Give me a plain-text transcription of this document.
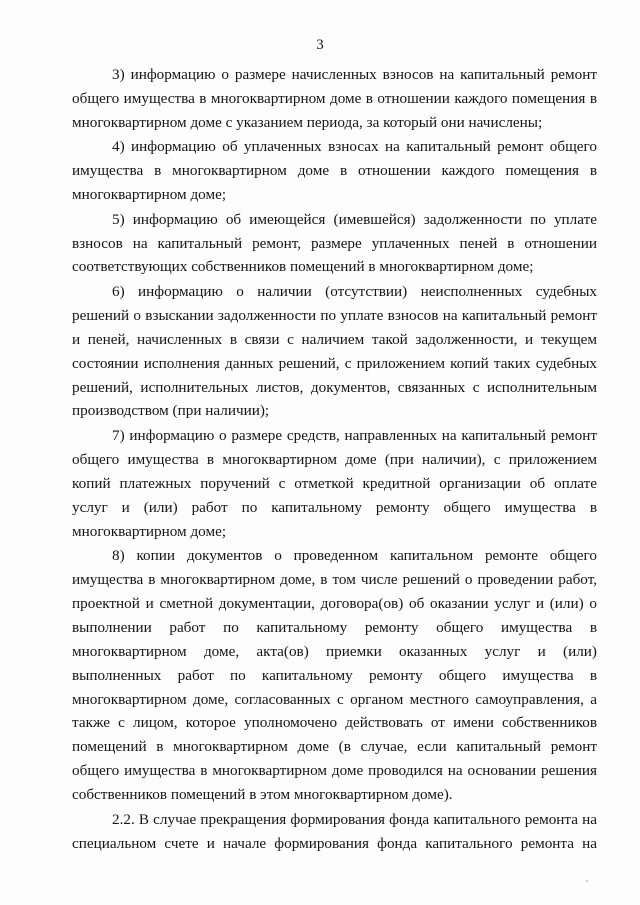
3
3) информацию о размере начисленных взносов на капитальный ремонт
общего имущества в многоквартирном доме в отношении каждого помещения в
многоквартирном доме с указанием периода, за который они начислены;
4) информацию об уплаченных взносах на капитальный ремонт общего
имущества в многоквартирном доме в отношении каждого помещения в
многоквартирном доме;
5) информацию об имеющейся (имевшейся) задолженности по уплате
взносов на капитальный ремонт, размере уплаченных пеней в отношении
соответствующих собственников помещений в многоквартирном доме;
6) информацию о наличии (отсутствии) неисполненных судебных
решений о взыскании задолженности по уплате взносов на капитальный ремонт
и пеней, начисленных в связи с наличием такой задолженности, и текущем
состоянии исполнения данных решений, с приложением копий таких судебных
решений, исполнительных листов, документов, связанных с исполнительным
производством (при наличии);
7) информацию о размере средств, направленных на капитальный ремонт
общего имущества в многоквартирном доме (при наличии), с приложением
копий платежных поручений с отметкой кредитной организации об оплате
услуг и (или) работ по капитальному ремонту общего имущества в
многоквартирном доме;
8) копии документов о проведенном капитальном ремонте общего
имущества в многоквартирном доме, в том числе решений о проведении работ,
проектной и сметной документации, договора(ов) об оказании услуг и (или) о
выполнении работ по капитальному ремонту общего имущества в
многоквартирном доме, акта(ов) приемки оказанных услуг и (или)
выполненных работ по капитальному ремонту общего имущества в
многоквартирном доме, согласованных с органом местного самоуправления, а
также с лицом, которое уполномочено действовать от имени собственников
помещений в многоквартирном доме (в случае, если капитальный ремонт
общего имущества в многоквартирном доме проводился на основании решения
собственников помещений в этом многоквартирном доме).
2.2. В случае прекращения формирования фонда капитального ремонта на
специальном счете и начале формирования фонда капитального ремонта на
